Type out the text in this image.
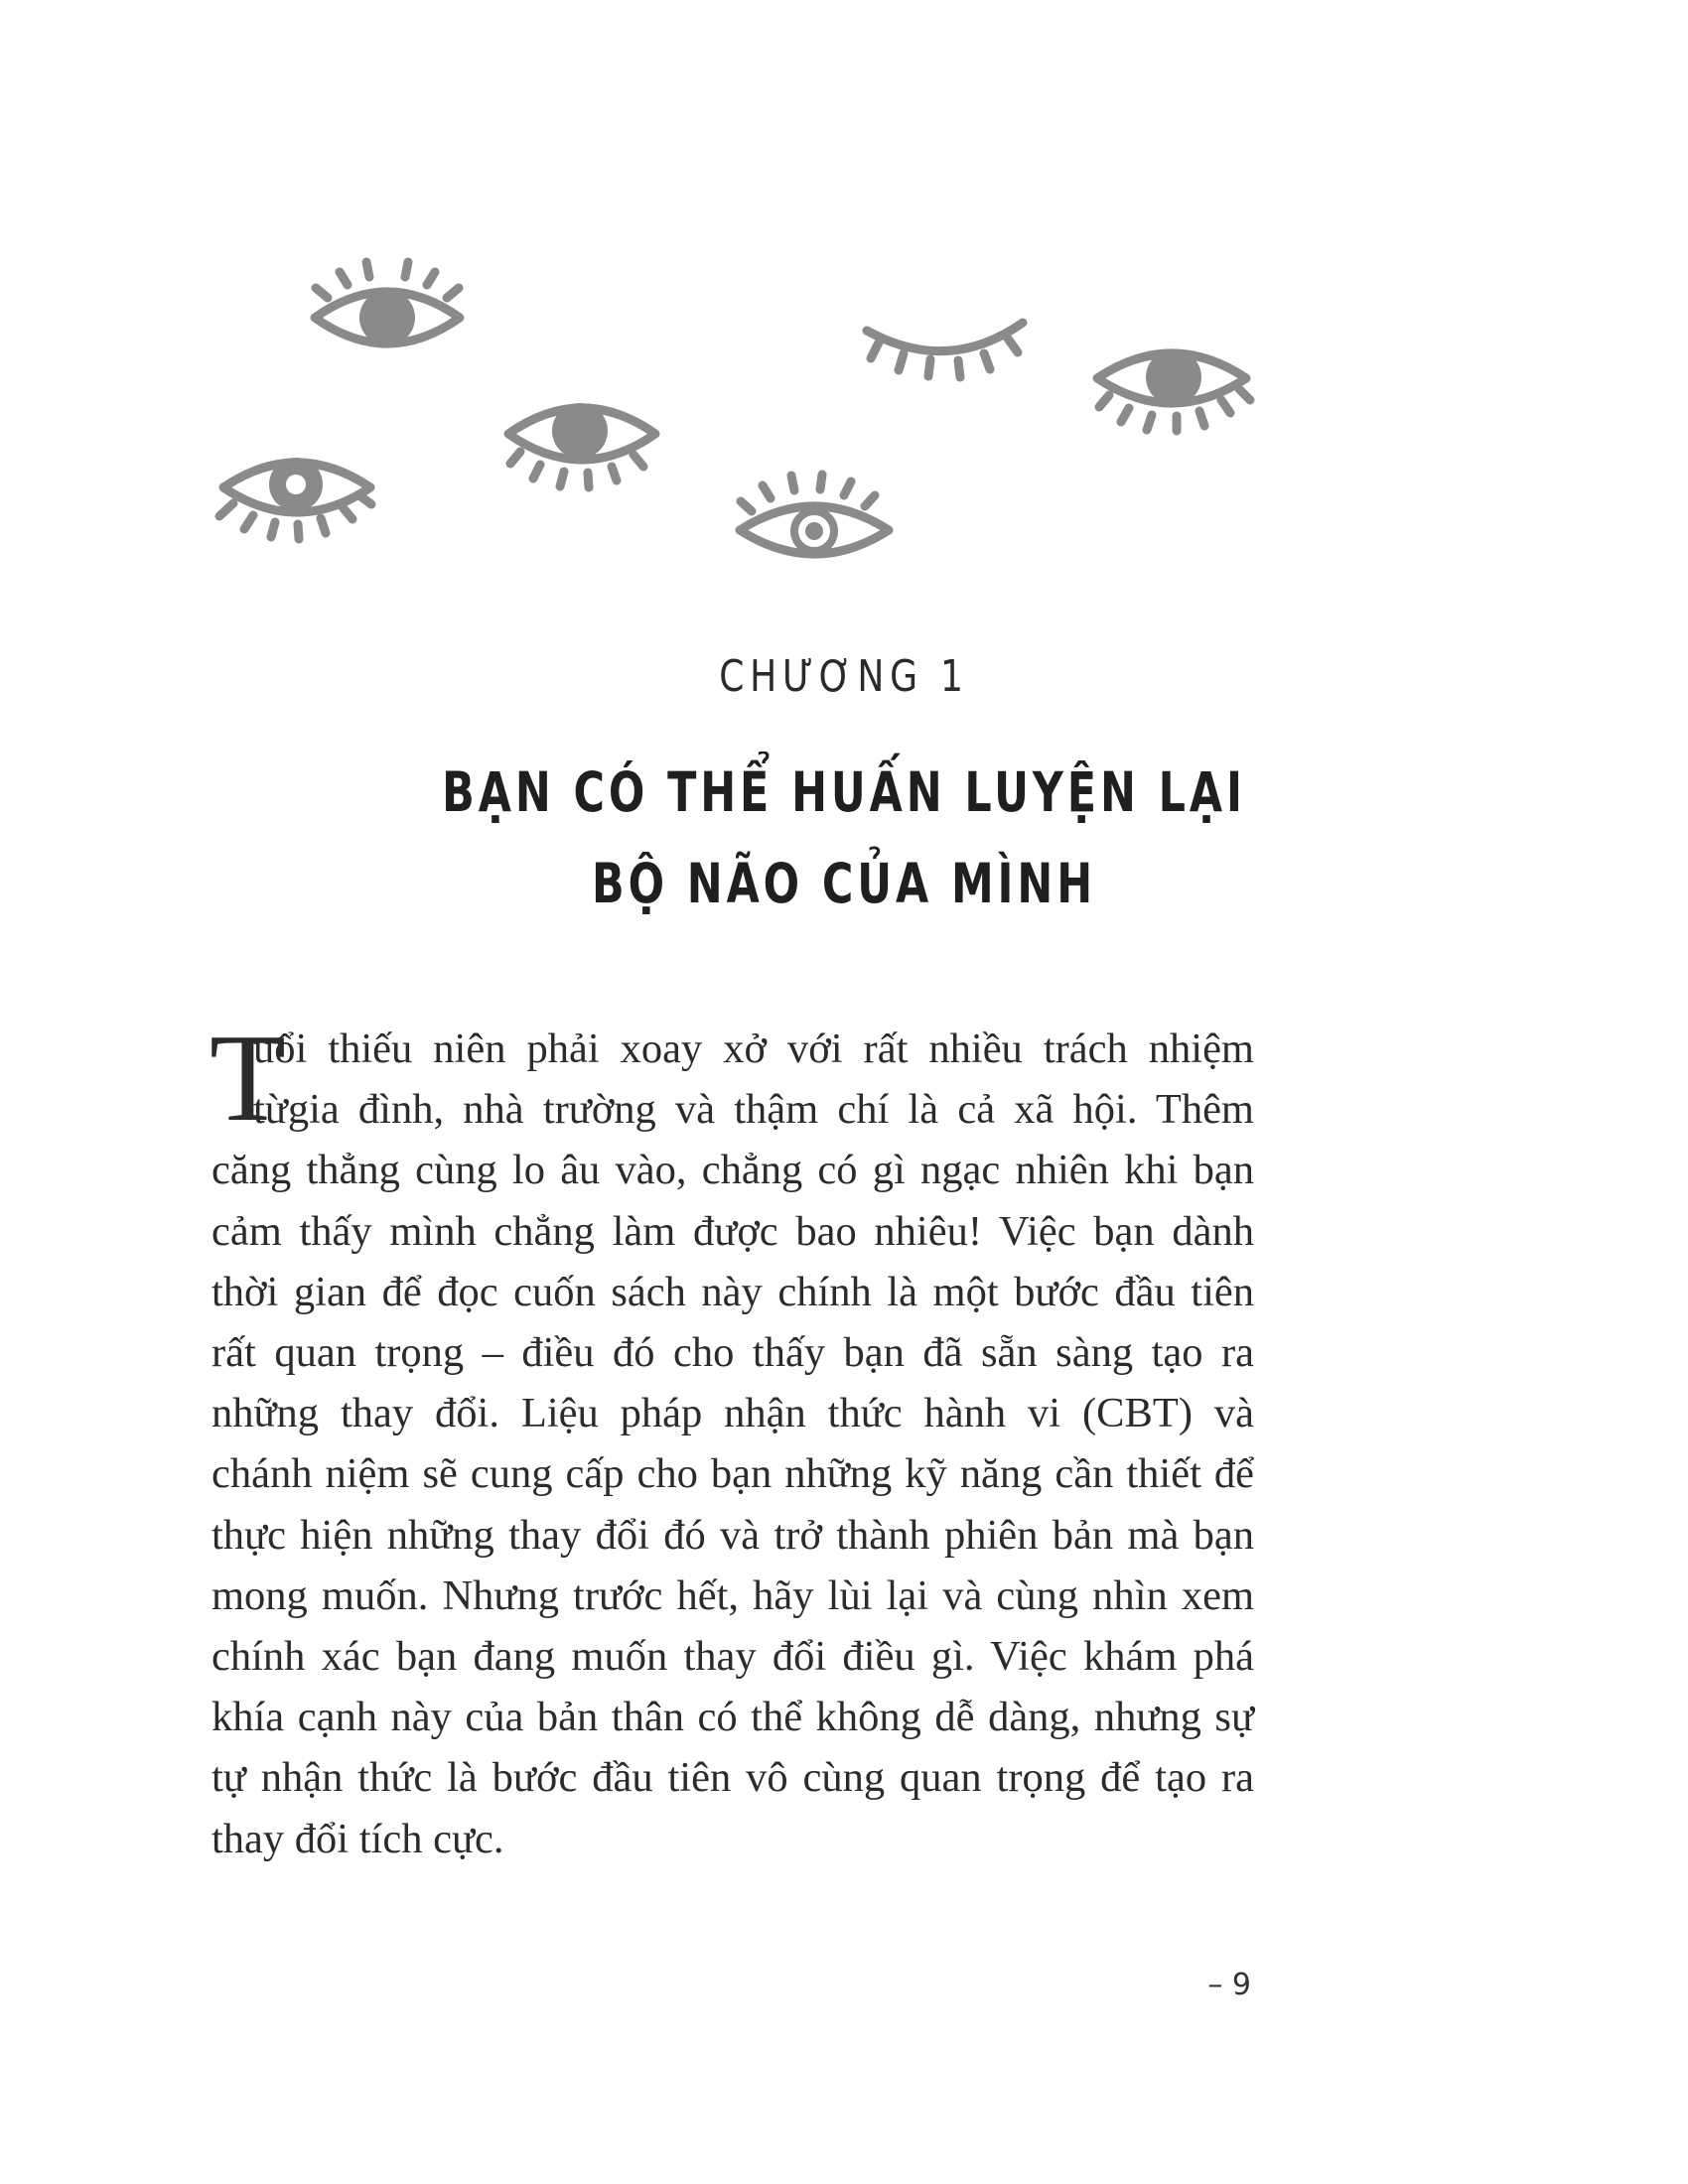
CHƯƠNG 1
BẠN CÓ THỂ HUẤN LUYỆN LẠI
BỘ NÃO CỦA MÌNH
T
uổi thiếu niên phải xoay xở với rất nhiều trách nhiệm
từgia đình, nhà trường và thậm chí là cả xã hội. Thêm
căng thẳng cùng lo âu vào, chẳng có gì ngạc nhiên khi bạn
cảm thấy mình chẳng làm được bao nhiêu! Việc bạn dành
thời gian để đọc cuốn sách này chính là một bước đầu tiên
rất quan trọng – điều đó cho thấy bạn đã sẵn sàng tạo ra
những thay đổi. Liệu pháp nhận thức hành vi (CBT) và
chánh niệm sẽ cung cấp cho bạn những kỹ năng cần thiết để
thực hiện những thay đổi đó và trở thành phiên bản mà bạn
mong muốn. Nhưng trước hết, hãy lùi lại và cùng nhìn xem
chính xác bạn đang muốn thay đổi điều gì. Việc khám phá
khía cạnh này của bản thân có thể không dễ dàng, nhưng sự
tự nhận thức là bước đầu tiên vô cùng quan trọng để tạo ra
thay đổi tích cực.
– 9
